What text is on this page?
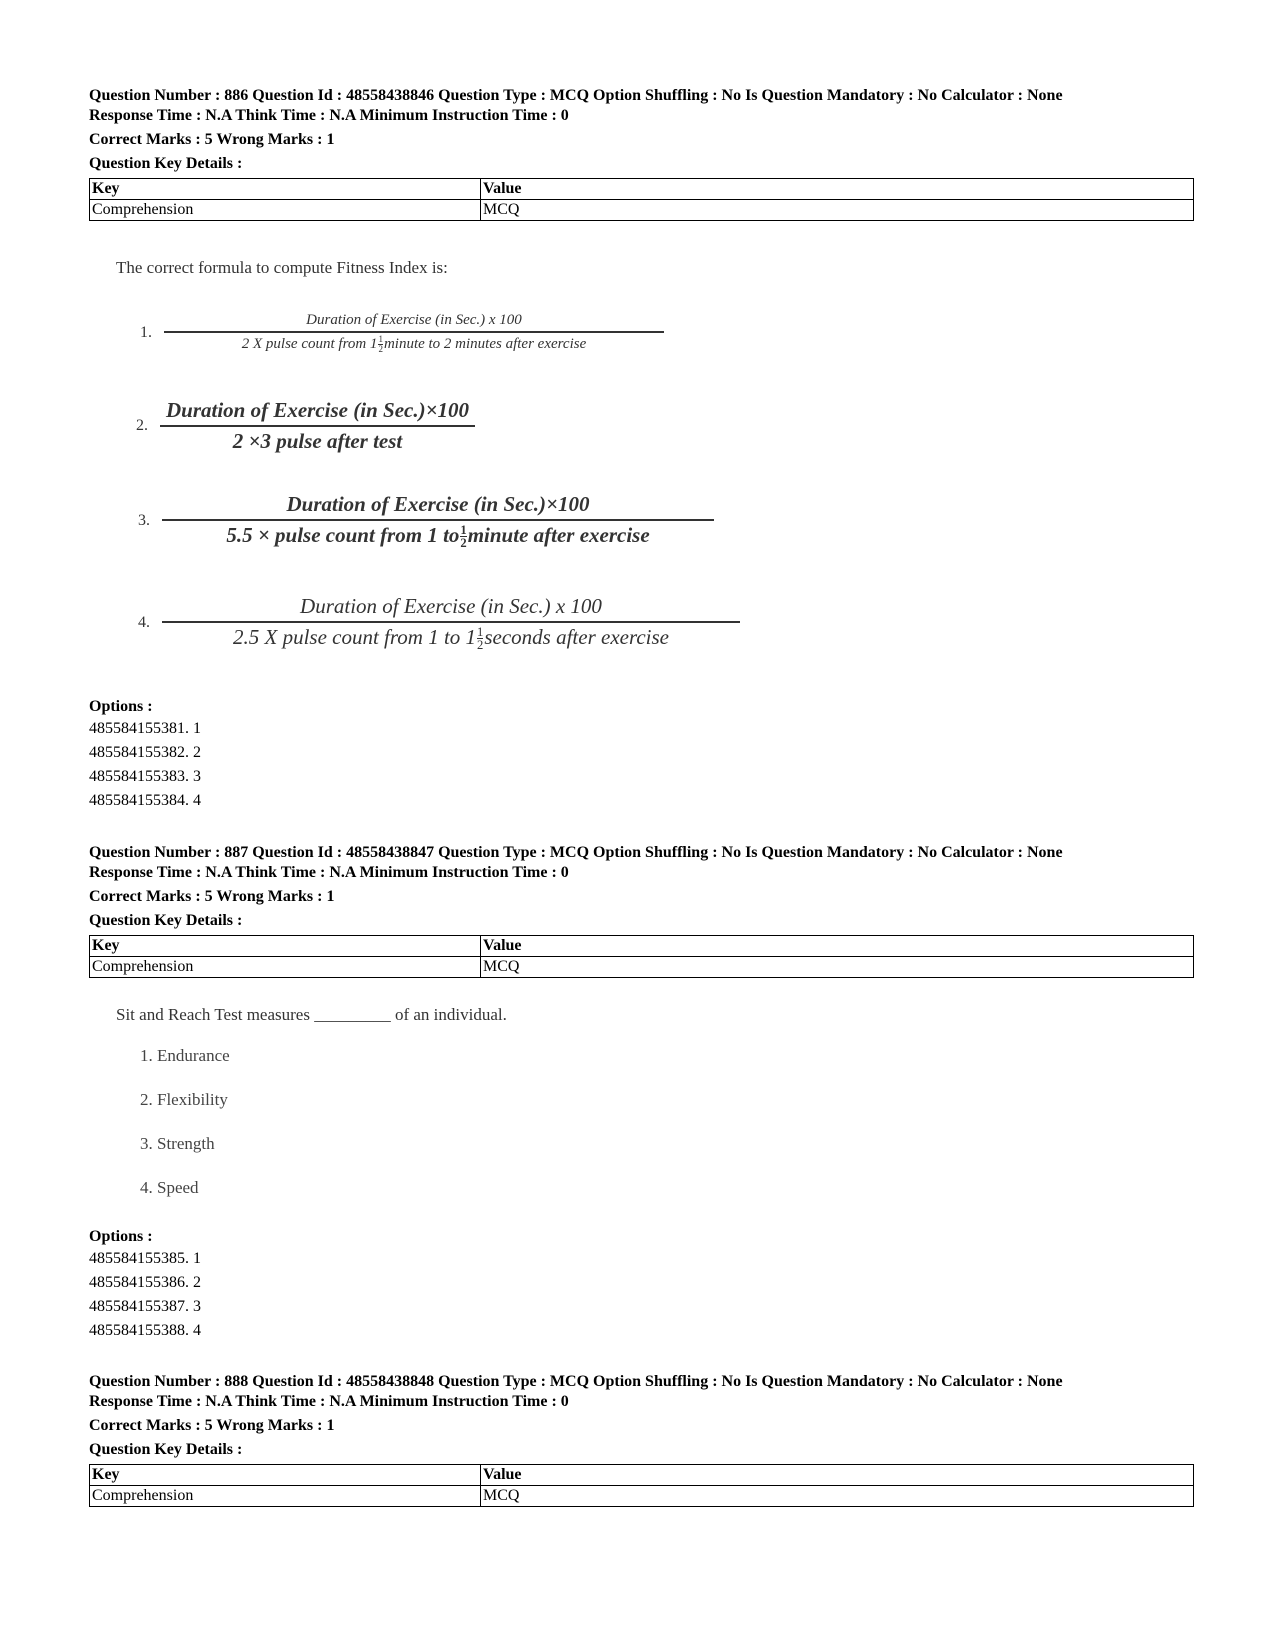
Question Number : 886 Question Id : 48558438846 Question Type : MCQ Option Shuffling : No Is Question Mandatory : No Calculator : None

Response Time : N.A Think Time : N.A Minimum Instruction Time : 0

Correct Marks : 5 Wrong Marks : 1

Question Key Details :

Key	Value
Comprehension	MCQ

The correct formula to compute Fitness Index is:

1. $\frac{\text{Duration of Exercise (in Sec.) x 100}}{2 X pulse count from 1 \frac{1}{2} minute to 2 minutes after exercise}$
2. $\frac{\text{Duration of Exercise (in Sec.)×100}}{\text{2 ×3 pulse after test}}$
3. $\frac{\text{Duration of Exercise (in Sec.)×100}}{5.5 \times pulse count from 1 to \frac{1}{2} minute after exercise}$
4. $\frac{\text{Duration of Exercise (in Sec.) x 100}}{2.5 X pulse count from 1 to 1 \frac{1}{2} seconds after exercise}$

Options :

485584155381. 1

485584155382. 2

485584155383. 3

485584155384. 4

Question Number : 887 Question Id : 48558438847 Question Type : MCQ Option Shuffling : No Is Question Mandatory : No Calculator : None

Response Time : N.A Think Time : N.A Minimum Instruction Time : 0

Correct Marks : 5 Wrong Marks : 1

Question Key Details :

Key	Value
Comprehension	MCQ

Sit and Reach Test measures _________ of an individual.

1. Endurance
2. Flexibility
3. Strength
4. Speed

Options :

485584155385. 1

485584155386. 2

485584155387. 3

485584155388. 4

Question Number : 888 Question Id : 48558438848 Question Type : MCQ Option Shuffling : No Is Question Mandatory : No Calculator : None

Response Time : N.A Think Time : N.A Minimum Instruction Time : 0

Correct Marks : 5 Wrong Marks : 1

Question Key Details :

Key	Value
Comprehension	MCQ
